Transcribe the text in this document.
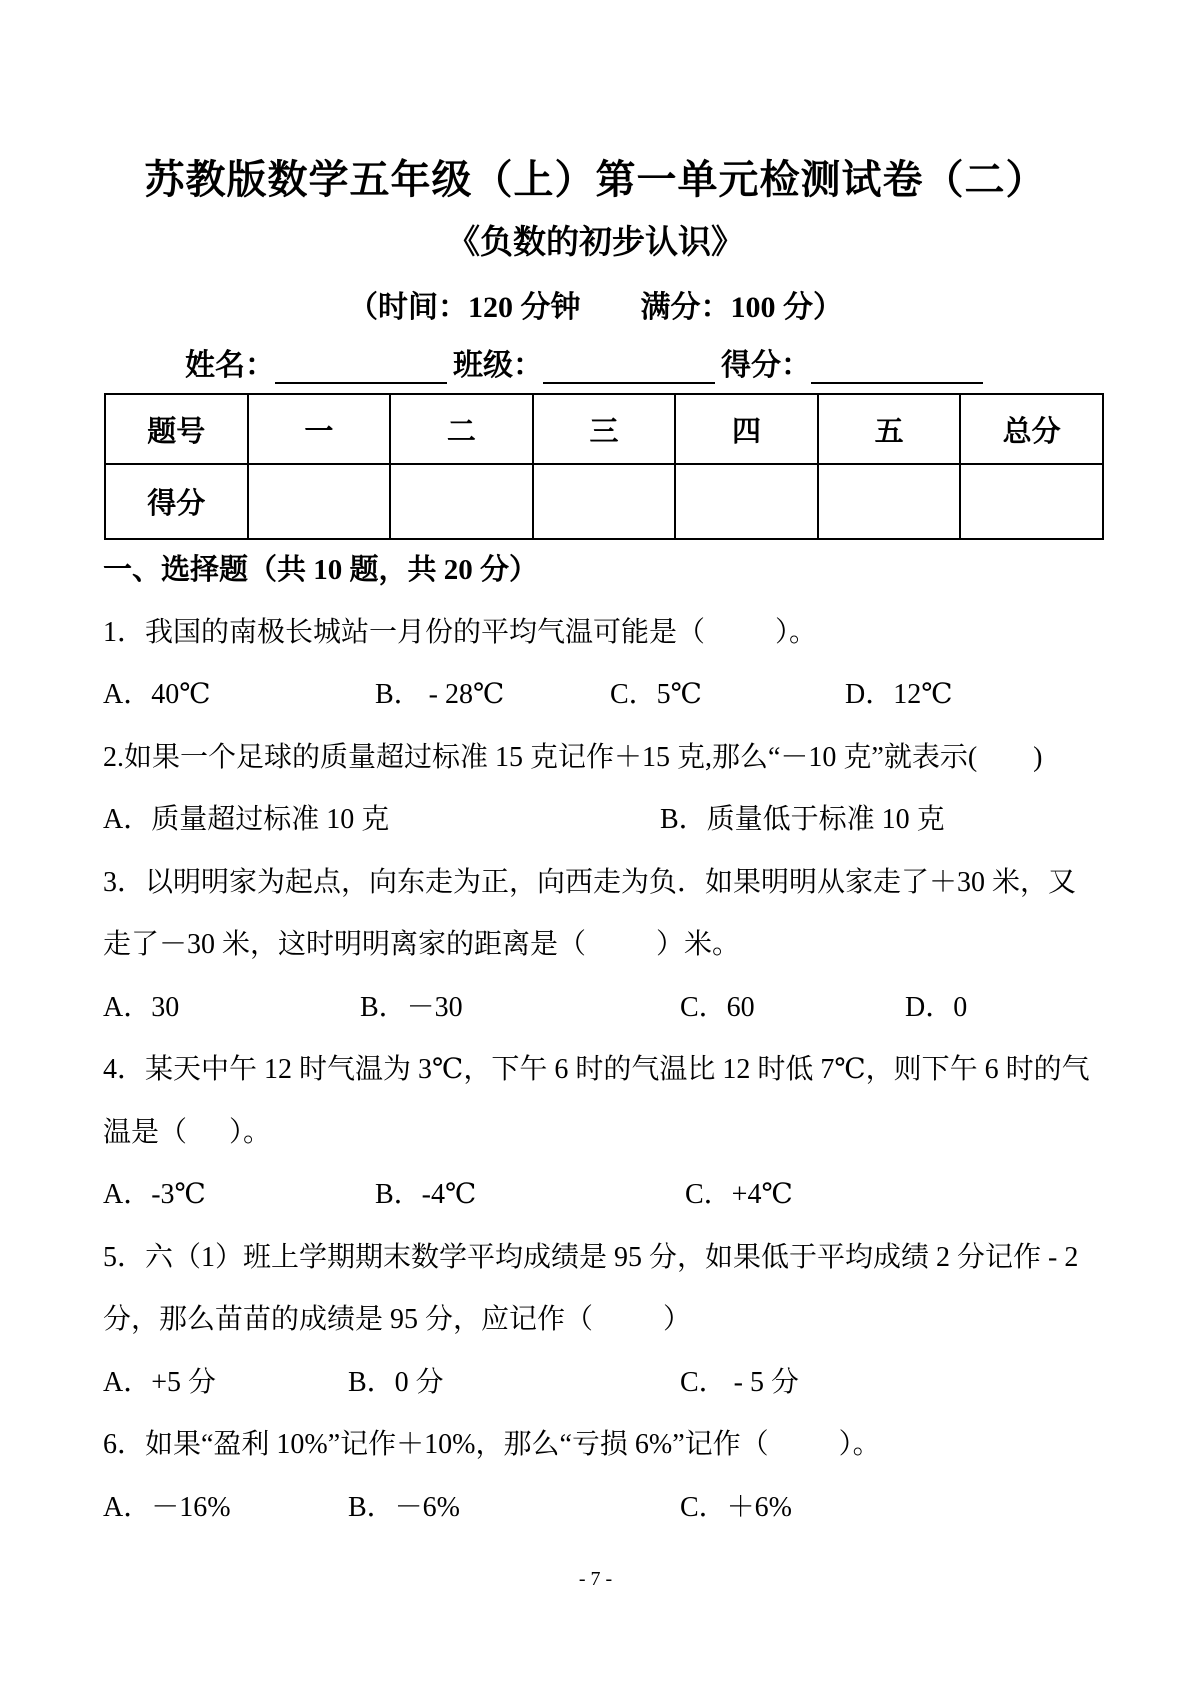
苏教版数学五年级（上）第一单元检测试卷（二）
《负数的初步认识》
（时间：120 分钟        满分：100 分）
姓名：	班级：	得分：
题号	一	二	三	四	五	总分
得分						
一、选择题（共 10 题，共 20 分）
1．我国的南极长城站一月份的平均气温可能是（          ）。
A．40℃	B． - 28℃	C．5℃	D．12℃
2.如果一个足球的质量超过标准 15 克记作＋15 克,那么“－10 克”就表示(        )
A．质量超过标准 10 克	B．质量低于标准 10 克
3．以明明家为起点，向东走为正，向西走为负．如果明明从家走了＋30 米，又
走了－30 米，这时明明离家的距离是（          ）米。
A．30	B．－30	C．60	D．0
4．某天中午 12 时气温为 3℃，下午 6 时的气温比 12 时低 7℃，则下午 6 时的气
温是（      ）。
A．-3℃	B．-4℃	C．+4℃
5．六（1）班上学期期末数学平均成绩是 95 分，如果低于平均成绩 2 分记作 - 2
分，那么苗苗的成绩是 95 分，应记作（          ）
A．+5 分	B．0 分	C． - 5 分
6．如果“盈利 10%”记作＋10%，那么“亏损 6%”记作（          ）。
A．－16%	B．－6%	C．＋6%
- 7 -
